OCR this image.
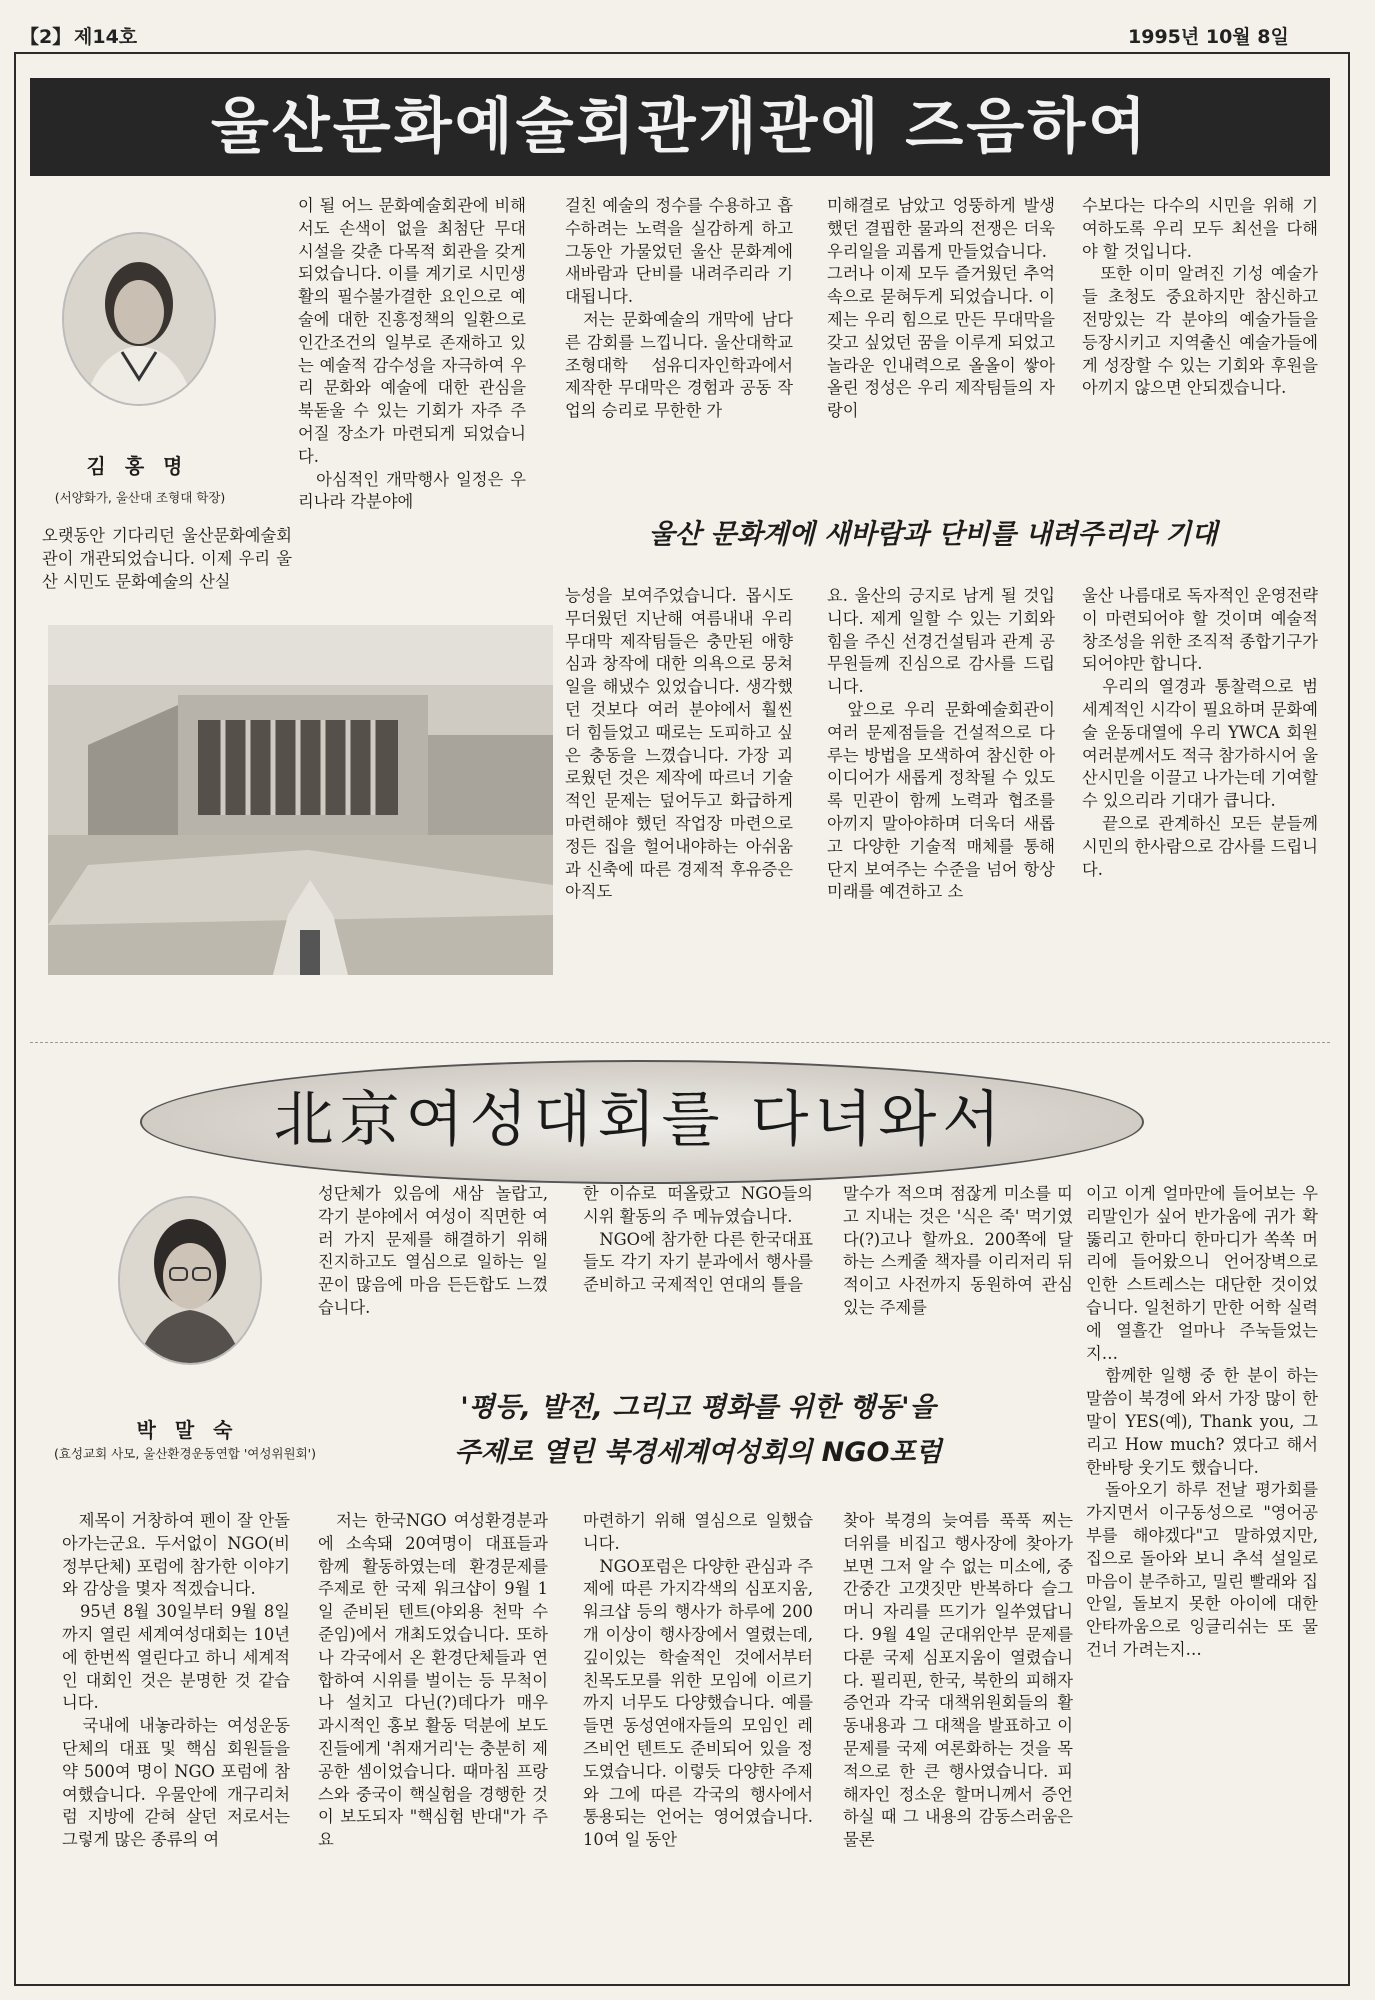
【2】 제14호	1995년 10월 8일
울산문화예술회관개관에 즈음하여
김 홍 명
(서양화가, 울산대 조형대 학장)
오랫동안 기다리던 울산문화예술회관이 개관되었습니다. 이제 우리 울산 시민도 문화예술의 산실
이 될 어느 문화예술회관에 비해서도 손색이 없을 최첨단 무대 시설을 갖춘 다목적 회관을 갖게 되었습니다. 이를 계기로 시민생활의 필수불가결한 요인으로 예술에 대한 진흥정책의 일환으로 인간조건의 일부로 존재하고 있는 예술적 감수성을 자극하여 우리 문화와 예술에 대한 관심을 북돋울 수 있는 기회가 자주 주어질 장소가 마련되게 되었습니다.
　아심적인 개막행사 일정은 우리나라 각분야에
걸친 예술의 정수를 수용하고 흡수하려는 노력을 실감하게 하고 그동안 가물었던 울산 문화계에 새바람과 단비를 내려주리라 기대됩니다.
　저는 문화예술의 개막에 남다른 감회를 느낍니다. 울산대학교 조형대학 섬유디자인학과에서 제작한 무대막은 경험과 공동 작업의 승리로 무한한 가
미해결로 남았고 엉뚱하게 발생했던 결핍한 물과의 전쟁은 더욱 우리일을 괴롭게 만들었습니다.
그러나 이제 모두 즐거웠던 추억속으로 묻혀두게 되었습니다. 이제는 우리 힘으로 만든 무대막을 갖고 싶었던 꿈을 이루게 되었고 놀라운 인내력으로 올올이 쌓아올린 정성은 우리 제작팀들의 자랑이
수보다는 다수의 시민을 위해 기여하도록 우리 모두 최선을 다해야 할 것입니다.
　또한 이미 알려진 기성 예술가들 초청도 중요하지만 참신하고 전망있는 각 분야의 예술가들을 등장시키고 지역출신 예술가들에게 성장할 수 있는 기회와 후원을 아끼지 않으면 안되겠습니다.
울산 문화계에 새바람과 단비를 내려주리라 기대
능성을 보여주었습니다. 몹시도 무더웠던 지난해 여름내내 우리 무대막 제작팀들은 충만된 애향심과 창작에 대한 의욕으로 뭉쳐 일을 해냈수 있었습니다. 생각했던 것보다 여러 분야에서 훨씬 더 힘들었고 때로는 도피하고 싶은 충동을 느꼈습니다. 가장 괴로웠던 것은 제작에 따르너 기술적인 문제는 덮어두고 화급하게 마련해야 했던 작업장 마련으로 정든 집을 헐어내야하는 아쉬움과 신축에 따른 경제적 후유증은 아직도
요. 울산의 긍지로 남게 될 것입니다. 제게 일할 수 있는 기회와 힘을 주신 선경건설팀과 관계 공무원들께 진심으로 감사를 드립니다.
　앞으로 우리 문화예술회관이 여러 문제점들을 건설적으로 다루는 방법을 모색하여 참신한 아이디어가 새롭게 정착될 수 있도록 민관이 함께 노력과 협조를 아끼지 말아야하며 더욱더 새롭고 다양한 기술적 매체를 통해 단지 보여주는 수준을 넘어 항상 미래를 예견하고 소
울산 나름대로 독자적인 운영전략이 마련되어야 할 것이며 예술적 창조성을 위한 조직적 종합기구가 되어야만 합니다.
　우리의 열경과 통찰력으로 범세계적인 시각이 필요하며 문화예술 운동대열에 우리 YWCA 회원 여러분께서도 적극 참가하시어 울산시민을 이끌고 나가는데 기여할 수 있으리라 기대가 큽니다.
　끝으로 관계하신 모든 분들께 시민의 한사람으로 감사를 드립니다.
北京여성대회를 다녀와서
박 말 숙
(효성교회 사모, 울산환경운동연합 '여성위원회')
성단체가 있음에 새삼 놀랍고, 각기 분야에서 여성이 직면한 여러 가지 문제를 해결하기 위해 진지하고도 열심으로 일하는 일꾼이 많음에 마음 든든합도 느꼈습니다.
한 이슈로 떠올랐고 NGO들의 시위 활동의 주 메뉴였습니다.
　NGO에 참가한 다른 한국대표들도 각기 자기 분과에서 행사를 준비하고 국제적인 연대의 틀을
말수가 적으며 점잖게 미소를 띠고 지내는 것은 '식은 죽' 먹기였다(?)고나 할까요. 200쪽에 달하는 스케줄 책자를 이리저리 뒤적이고 사전까지 동원하여 관심있는 주제를
이고 이게 얼마만에 들어보는 우리말인가 싶어 반가움에 귀가 확 뚫리고 한마디 한마디가 쏙쏙 머리에 들어왔으니 언어장벽으로 인한 스트레스는 대단한 것이었습니다. 일천하기 만한 어학 실력에 열흘간 얼마나 주눅들었는지…
　함께한 일행 중 한 분이 하는 말씀이 북경에 와서 가장 많이 한말이 YES(예), Thank you, 그리고 How much? 였다고 해서 한바탕 웃기도 했습니다.
　돌아오기 하루 전날 평가회를 가지면서 이구동성으로 "영어공부를 해야겠다"고 말하였지만, 집으로 돌아와 보니 추석 설일로 마음이 분주하고, 밀린 빨래와 집안일, 돌보지 못한 아이에 대한 안타까움으로 잉글리쉬는 또 물 건너 가려는지…
'평등, 발전, 그리고 평화를 위한 행동'을
주제로 열린 북경세계여성회의 NGO포럼
　제목이 거창하여 펜이 잘 안돌아가는군요. 두서없이 NGO(비정부단체) 포럼에 참가한 이야기와 감상을 몇자 적겠습니다.
　95년 8월 30일부터 9월 8일까지 열린 세계여성대회는 10년에 한번씩 열린다고 하니 세계적인 대회인 것은 분명한 것 같습니다.
　국내에 내놓라하는 여성운동단체의 대표 및 핵심 회원들을 약 500여 명이 NGO 포럼에 참여했습니다. 우물안에 개구리처럼 지방에 갇혀 살던 저로서는 그렇게 많은 종류의 여
　저는 한국NGO 여성환경분과에 소속돼 20여명이 대표들과 함께 활동하였는데 환경문제를 주제로 한 국제 워크샵이 9월 1일 준비된 텐트(야외용 천막 수준임)에서 개최도었습니다. 또하나 각국에서 온 환경단체들과 연합하여 시위를 벌이는 등 무척이나 설치고 다닌(?)데다가 매우 과시적인 홍보 활동 덕분에 보도진들에게 '취재거리'는 충분히 제공한 셈이었습니다. 때마침 프랑스와 중국이 핵실험을 경행한 것이 보도되자 "핵심험 반대"가 주요
마련하기 위해 열심으로 일했습니다.
　NGO포럼은 다양한 관심과 주제에 따른 가지각색의 심포지움, 워크샵 등의 행사가 하루에 200개 이상이 행사장에서 열렸는데, 깊이있는 학술적인 것에서부터 친목도모를 위한 모임에 이르기까지 너무도 다양했습니다. 예를들면 동성연애자들의 모임인 레즈비언 텐트도 준비되어 있을 정도였습니다. 이렇듯 다양한 주제와 그에 따른 각국의 행사에서 통용되는 언어는 영어였습니다. 10여 일 동안
찾아 북경의 늦여름 푹푹 찌는 더위를 비집고 행사장에 찾아가 보면 그저 알 수 없는 미소에, 중간중간 고갯짓만 반복하다 슬그머니 자리를 뜨기가 일쑤였답니다. 9월 4일 군대위안부 문제를 다룬 국제 심포지움이 열렸습니다. 필리핀, 한국, 북한의 피해자 증언과 각국 대책위원회들의 활동내용과 그 대책을 발표하고 이 문제를 국제 여론화하는 것을 목적으로 한 큰 행사였습니다. 피해자인 정소운 할머니께서 증언하실 때 그 내용의 감동스러움은 물론
